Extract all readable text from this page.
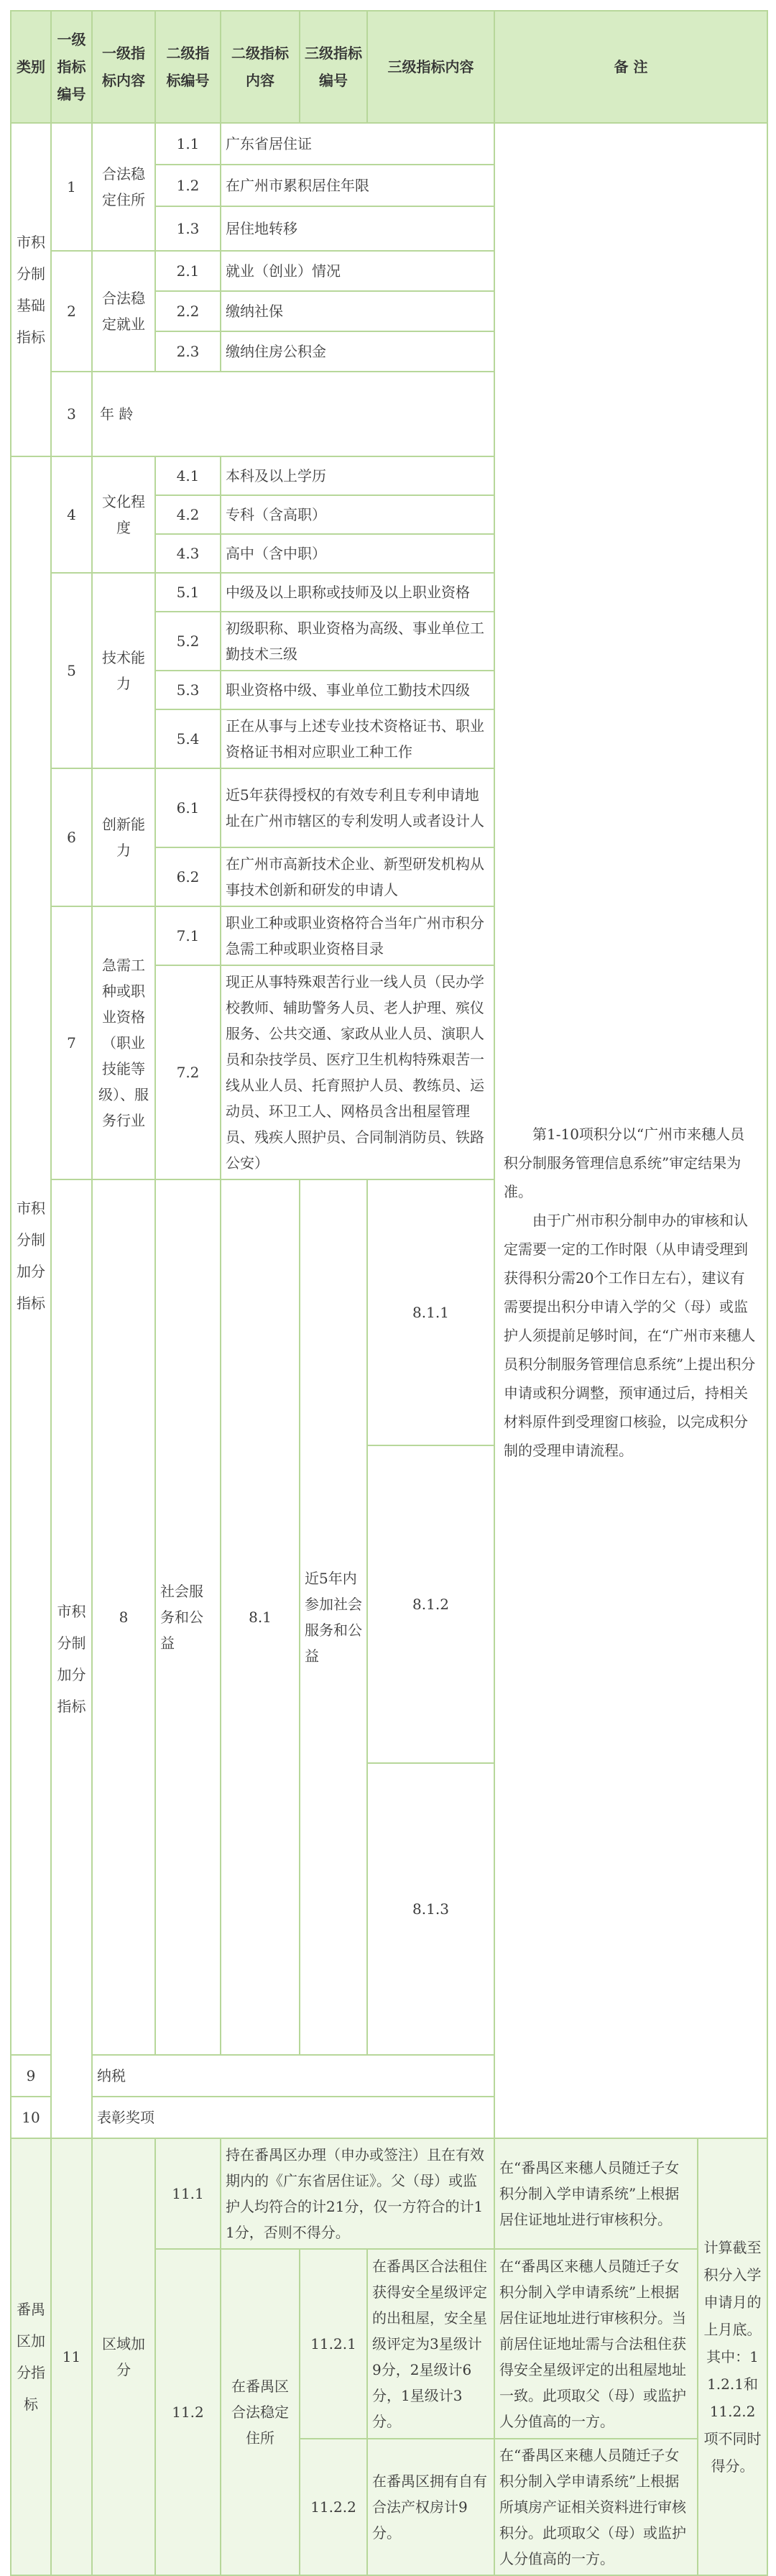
类别	一级指标编号	一级指标内容	二级指标编号	二级指标内容	三级指标编号	三级指标内容	备 注		
市积分制基础指标	1	合法稳定住所	1.1	广东省居住证			第1-10项积分以“广州市来穗人员积分制服务管理信息系统”审定结果为准。
由于广州市积分制申办的审核和认定需要一定的工作时限（从申请受理到获得积分需20个工作日左右），建议有需要提出积分申请入学的父（母）或监护人须提前足够时间，在“广州市来穗人员积分制服务管理信息系统”上提出积分申请或积分调整，预审通过后，持相关材料原件到受理窗口核验，以完成积分制的受理申请流程。		

			1.2	在广州市累积居住年限					
			1.3	居住地转移					
	2	合法稳定就业	2.1	就业（创业）情况					
			2.2	缴纳社保					
			2.3	缴纳住房公积金					
	3	年 龄							
市积分制加分指标	4	文化程度	4.1	本科及以上学历					
			4.2	专科（含高职）					
			4.3	高中（含中职）					
	5	技术能力	5.1	中级及以上职称或技师及以上职业资格					
			5.2	初级职称、职业资格为高级、事业单位工勤技术三级					
			5.3	职业资格中级、事业单位工勤技术四级					
			5.4	正在从事与上述专业技术资格证书、职业资格证书相对应职业工种工作					
	6	创新能力	6.1	近5年获得授权的有效专利且专利申请地址在广州市辖区的专利发明人或者设计人					
			6.2	在广州市高新技术企业、新型研发机构从事技术创新和研发的申请人					
	7	急需工种或职业资格（职业技能等级）、服务行业	7.1	职业工种或职业资格符合当年广州市积分急需工种或职业资格目录					
			7.2	现正从事特殊艰苦行业一线人员（民办学校教师、辅助警务人员、老人护理、殡仪服务、公共交通、家政从业人员、演职人员和杂技学员、医疗卫生机构特殊艰苦一线从业人员、托育照护人员、教练员、运动员、环卫工人、网格员含出租屋管理员、残疾人照护员、合同制消防员、铁路公安）					
	市积分制加分指标	8	社会服务和公益	8.1	近5年内参加社会服务和公益	8.1.1	
						8.1.2	
						8.1.3	
9		纳税							
10		表彰奖项							
番禺区加分指标	11	区域加分	11.1	持在番禺区办理（申办或签注）且在有效期内的《广东省居住证》。父（母）或监护人均符合的计21分，仅一方符合的计11分，否则不得分。			在“番禺区来穗人员随迁子女积分制入学申请系统”上根据居住证地址进行审核积分。	计算截至积分入学申请月的上月底。其中：11.2.1和11.2.2项不同时得分。	
			11.2	在番禺区合法稳定住所	11.2.1	在番禺区合法租住获得安全星级评定的出租屋，安全星级评定为3星级计9分，2星级计6分，1星级计3分。	在“番禺区来穗人员随迁子女积分制入学申请系统”上根据居住证地址进行审核积分。当前居住证地址需与合法租住获得安全星级评定的出租屋地址一致。此项取父（母）或监护人分值高的一方。		
					11.2.2	在番禺区拥有自有合法产权房计9分。	在“番禺区来穗人员随迁子女积分制入学申请系统”上根据所填房产证相关资料进行审核积分。此项取父（母）或监护人分值高的一方。		
